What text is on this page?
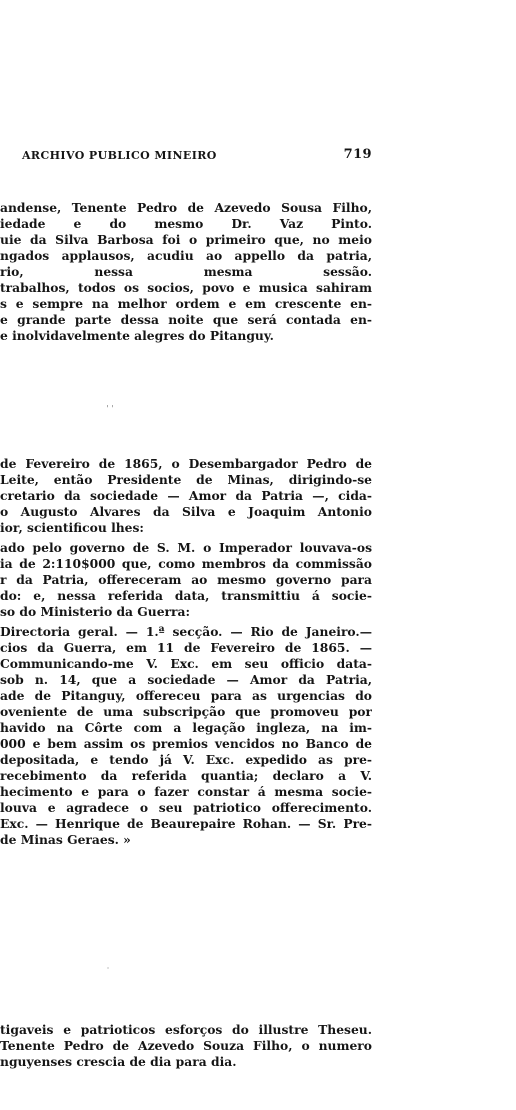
ARCHIVO PUBLICO MINEIRO	719
andense, Tenente Pedro de Azevedo Sousa Filho,
iedade e do mesmo Dr. Vaz Pinto.
uie da Silva Barbosa foi o primeiro que, no meio
ngados applausos, acudiu ao appello da patria,
rio, nessa mesma sessão.
trabalhos, todos os socios, povo e musica sahiram
s e sempre na melhor ordem e em crescente en-
e grande parte dessa noite que será contada en-
e inolvidavelmente alegres do Pitanguy.
' '
de Fevereiro de 1865, o Desembargador Pedro de
Leite, então Presidente de Minas, dirigindo-se
cretario da sociedade — Amor da Patria —, cida-
o Augusto Alvares da Silva e Joaquim Antonio
ior, scientificou lhes:
ado pelo governo de S. M. o Imperador louvava-os
ia de 2:110$000 que, como membros da commissão
r da Patria, offereceram ao mesmo governo para
do: e, nessa referida data, transmittiu á socie-
so do Ministerio da Guerra:
Directoria geral. — 1.ª secção. — Rio de Janeiro.—
cios da Guerra, em 11 de Fevereiro de 1865. —
Communicando-me V. Exc. em seu officio data-
sob n. 14, que a sociedade — Amor da Patria,
ade de Pitanguy, offereceu para as urgencias do
oveniente de uma subscripção que promoveu por
havido na Côrte com a legação ingleza, na im-
000 e bem assim os premios vencidos no Banco de
depositada, e tendo já V. Exc. expedido as pre-
recebimento da referida quantia; declaro a V.
hecimento e para o fazer constar á mesma socie-
louva e agradece o seu patriotico offerecimento.
Exc. — Henrique de Beaurepaire Rohan. — Sr. Pre-
de Minas Geraes. »
·
tigaveis e patrioticos esforços do illustre Theseu.
Tenente Pedro de Azevedo Souza Filho, o numero
nguyenses crescia de dia para dia.
